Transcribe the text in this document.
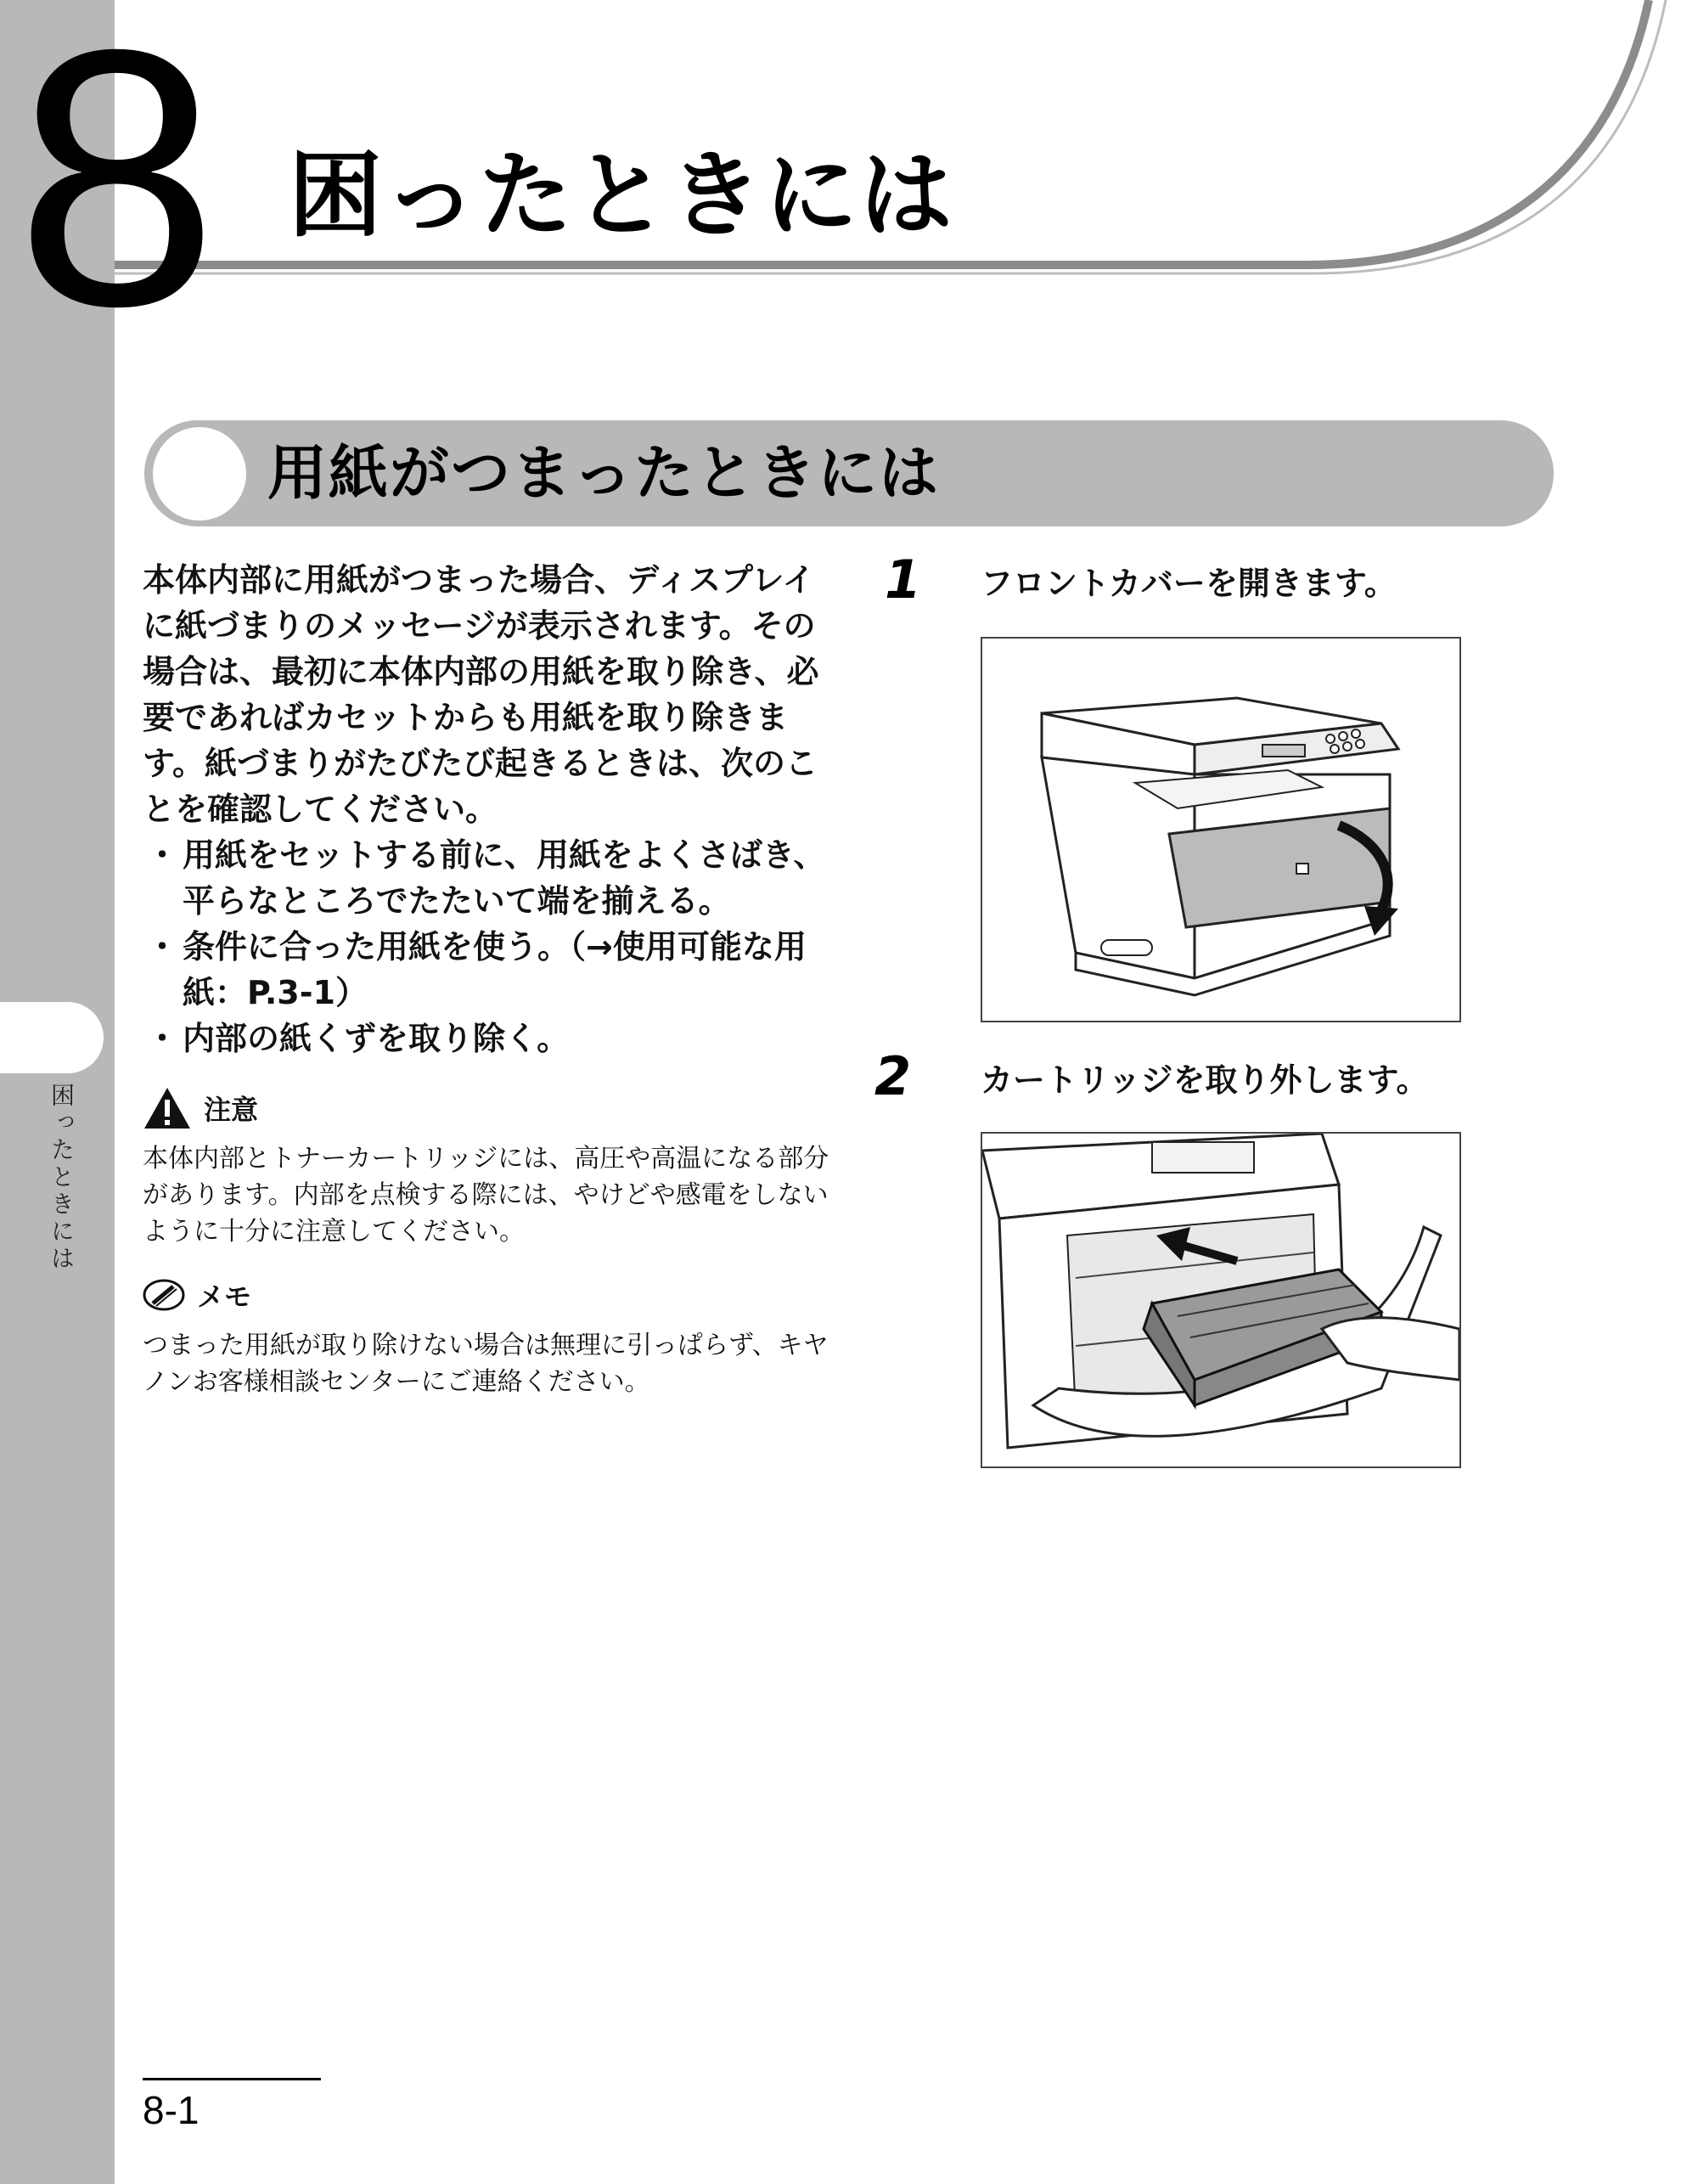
困ったときには
8 困ったときには
用紙がつまったときには

本体内部に用紙がつまった場合、ディスプレイに紙づまりのメッセージが表示されます。その場合は、最初に本体内部の用紙を取り除き、必要であればカセットからも用紙を取り除きます。紙づまりがたびたび起きるときは、次のことを確認してください。

・ 用紙をセットする前に、用紙をよくさばき、平らなところでたたいて端を揃える。
・ 条件に合った用紙を使う。（→使用可能な用紙：P.3-1）
・ 内部の紙くずを取り除く。
注意

本体内部とトナーカートリッジには、高圧や高温になる部分があります。内部を点検する際には、やけどや感電をしないように十分に注意してください。

メモ

つまった用紙が取り除けない場合は無理に引っぱらず、キヤノンお客様相談センターにご連絡ください。

1 フロントカバーを開きます。
2 カートリッジを取り外します。
8-1
